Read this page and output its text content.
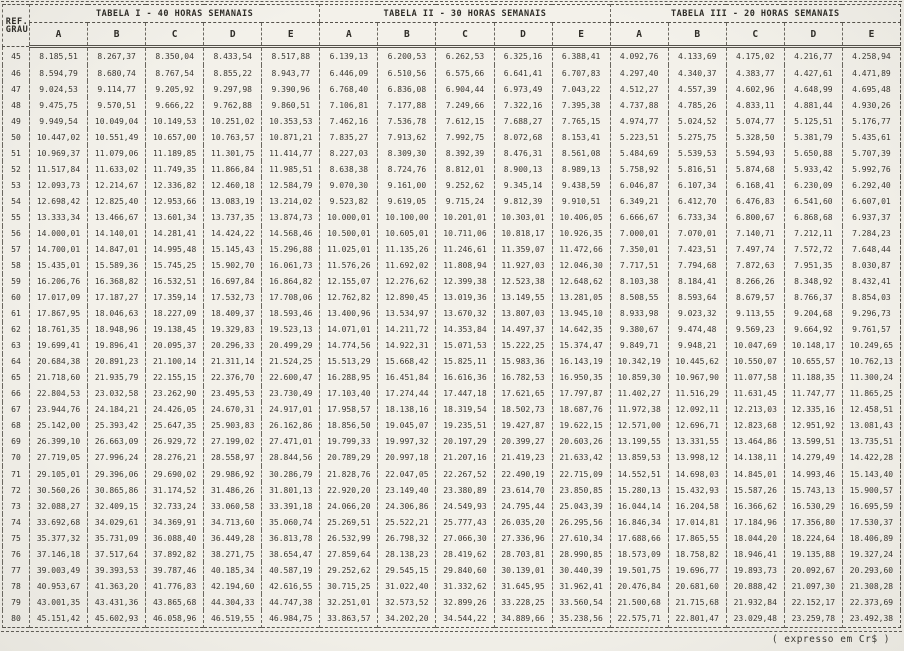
REF.
GRAU	TABELA I - 40 HORAS SEMANAIS					TABELA II - 30 HORAS SEMANAIS					TABELA III - 20 HORAS SEMANAIS				
	A	B	C	D	E	A	B	C	D	E	A	B	C	D	E
45	8.185,51	8.267,37	8.350,04	8.433,54	8.517,88	6.139,13	6.200,53	6.262,53	6.325,16	6.388,41	4.092,76	4.133,69	4.175,02	4.216,77	4.258,94
46	8.594,79	8.680,74	8.767,54	8.855,22	8.943,77	6.446,09	6.510,56	6.575,66	6.641,41	6.707,83	4.297,40	4.340,37	4.383,77	4.427,61	4.471,89
47	9.024,53	9.114,77	9.205,92	9.297,98	9.390,96	6.768,40	6.836,08	6.904,44	6.973,49	7.043,22	4.512,27	4.557,39	4.602,96	4.648,99	4.695,48
48	9.475,75	9.570,51	9.666,22	9.762,88	9.860,51	7.106,81	7.177,88	7.249,66	7.322,16	7.395,38	4.737,88	4.785,26	4.833,11	4.881,44	4.930,26
49	9.949,54	10.049,04	10.149,53	10.251,02	10.353,53	7.462,16	7.536,78	7.612,15	7.688,27	7.765,15	4.974,77	5.024,52	5.074,77	5.125,51	5.176,77
50	10.447,02	10.551,49	10.657,00	10.763,57	10.871,21	7.835,27	7.913,62	7.992,75	8.072,68	8.153,41	5.223,51	5.275,75	5.328,50	5.381,79	5.435,61
51	10.969,37	11.079,06	11.189,85	11.301,75	11.414,77	8.227,03	8.309,30	8.392,39	8.476,31	8.561,08	5.484,69	5.539,53	5.594,93	5.650,88	5.707,39
52	11.517,84	11.633,02	11.749,35	11.866,84	11.985,51	8.638,38	8.724,76	8.812,01	8.900,13	8.989,13	5.758,92	5.816,51	5.874,68	5.933,42	5.992,76
53	12.093,73	12.214,67	12.336,82	12.460,18	12.584,79	9.070,30	9.161,00	9.252,62	9.345,14	9.438,59	6.046,87	6.107,34	6.168,41	6.230,09	6.292,40
54	12.698,42	12.825,40	12.953,66	13.083,19	13.214,02	9.523,82	9.619,05	9.715,24	9.812,39	9.910,51	6.349,21	6.412,70	6.476,83	6.541,60	6.607,01
55	13.333,34	13.466,67	13.601,34	13.737,35	13.874,73	10.000,01	10.100,00	10.201,01	10.303,01	10.406,05	6.666,67	6.733,34	6.800,67	6.868,68	6.937,37
56	14.000,01	14.140,01	14.281,41	14.424,22	14.568,46	10.500,01	10.605,01	10.711,06	10.818,17	10.926,35	7.000,01	7.070,01	7.140,71	7.212,11	7.284,23
57	14.700,01	14.847,01	14.995,48	15.145,43	15.296,88	11.025,01	11.135,26	11.246,61	11.359,07	11.472,66	7.350,01	7.423,51	7.497,74	7.572,72	7.648,44
58	15.435,01	15.589,36	15.745,25	15.902,70	16.061,73	11.576,26	11.692,02	11.808,94	11.927,03	12.046,30	7.717,51	7.794,68	7.872,63	7.951,35	8.030,87
59	16.206,76	16.368,82	16.532,51	16.697,84	16.864,82	12.155,07	12.276,62	12.399,38	12.523,38	12.648,62	8.103,38	8.184,41	8.266,26	8.348,92	8.432,41
60	17.017,09	17.187,27	17.359,14	17.532,73	17.708,06	12.762,82	12.890,45	13.019,36	13.149,55	13.281,05	8.508,55	8.593,64	8.679,57	8.766,37	8.854,03
61	17.867,95	18.046,63	18.227,09	18.409,37	18.593,46	13.400,96	13.534,97	13.670,32	13.807,03	13.945,10	8.933,98	9.023,32	9.113,55	9.204,68	9.296,73
62	18.761,35	18.948,96	19.138,45	19.329,83	19.523,13	14.071,01	14.211,72	14.353,84	14.497,37	14.642,35	9.380,67	9.474,48	9.569,23	9.664,92	9.761,57
63	19.699,41	19.896,41	20.095,37	20.296,33	20.499,29	14.774,56	14.922,31	15.071,53	15.222,25	15.374,47	9.849,71	9.948,21	10.047,69	10.148,17	10.249,65
64	20.684,38	20.891,23	21.100,14	21.311,14	21.524,25	15.513,29	15.668,42	15.825,11	15.983,36	16.143,19	10.342,19	10.445,62	10.550,07	10.655,57	10.762,13
65	21.718,60	21.935,79	22.155,15	22.376,70	22.600,47	16.288,95	16.451,84	16.616,36	16.782,53	16.950,35	10.859,30	10.967,90	11.077,58	11.188,35	11.300,24
66	22.804,53	23.032,58	23.262,90	23.495,53	23.730,49	17.103,40	17.274,44	17.447,18	17.621,65	17.797,87	11.402,27	11.516,29	11.631,45	11.747,77	11.865,25
67	23.944,76	24.184,21	24.426,05	24.670,31	24.917,01	17.958,57	18.138,16	18.319,54	18.502,73	18.687,76	11.972,38	12.092,11	12.213,03	12.335,16	12.458,51
68	25.142,00	25.393,42	25.647,35	25.903,83	26.162,86	18.856,50	19.045,07	19.235,51	19.427,87	19.622,15	12.571,00	12.696,71	12.823,68	12.951,92	13.081,43
69	26.399,10	26.663,09	26.929,72	27.199,02	27.471,01	19.799,33	19.997,32	20.197,29	20.399,27	20.603,26	13.199,55	13.331,55	13.464,86	13.599,51	13.735,51
70	27.719,05	27.996,24	28.276,21	28.558,97	28.844,56	20.789,29	20.997,18	21.207,16	21.419,23	21.633,42	13.859,53	13.998,12	14.138,11	14.279,49	14.422,28
71	29.105,01	29.396,06	29.690,02	29.986,92	30.286,79	21.828,76	22.047,05	22.267,52	22.490,19	22.715,09	14.552,51	14.698,03	14.845,01	14.993,46	15.143,40
72	30.560,26	30.865,86	31.174,52	31.486,26	31.801,13	22.920,20	23.149,40	23.380,89	23.614,70	23.850,85	15.280,13	15.432,93	15.587,26	15.743,13	15.900,57
73	32.088,27	32.409,15	32.733,24	33.060,58	33.391,18	24.066,20	24.306,86	24.549,93	24.795,44	25.043,39	16.044,14	16.204,58	16.366,62	16.530,29	16.695,59
74	33.692,68	34.029,61	34.369,91	34.713,60	35.060,74	25.269,51	25.522,21	25.777,43	26.035,20	26.295,56	16.846,34	17.014,81	17.184,96	17.356,80	17.530,37
75	35.377,32	35.731,09	36.088,40	36.449,28	36.813,78	26.532,99	26.798,32	27.066,30	27.336,96	27.610,34	17.688,66	17.865,55	18.044,20	18.224,64	18.406,89
76	37.146,18	37.517,64	37.892,82	38.271,75	38.654,47	27.859,64	28.138,23	28.419,62	28.703,81	28.990,85	18.573,09	18.758,82	18.946,41	19.135,88	19.327,24
77	39.003,49	39.393,53	39.787,46	40.185,34	40.587,19	29.252,62	29.545,15	29.840,60	30.139,01	30.440,39	19.501,75	19.696,77	19.893,73	20.092,67	20.293,60
78	40.953,67	41.363,20	41.776,83	42.194,60	42.616,55	30.715,25	31.022,40	31.332,62	31.645,95	31.962,41	20.476,84	20.681,60	20.888,42	21.097,30	21.308,28
79	43.001,35	43.431,36	43.865,68	44.304,33	44.747,38	32.251,01	32.573,52	32.899,26	33.228,25	33.560,54	21.500,68	21.715,68	21.932,84	22.152,17	22.373,69
80	45.151,42	45.602,93	46.058,96	46.519,55	46.984,75	33.863,57	34.202,20	34.544,22	34.889,66	35.238,56	22.575,71	22.801,47	23.029,48	23.259,78	23.492,38
( expresso em Cr$ )
